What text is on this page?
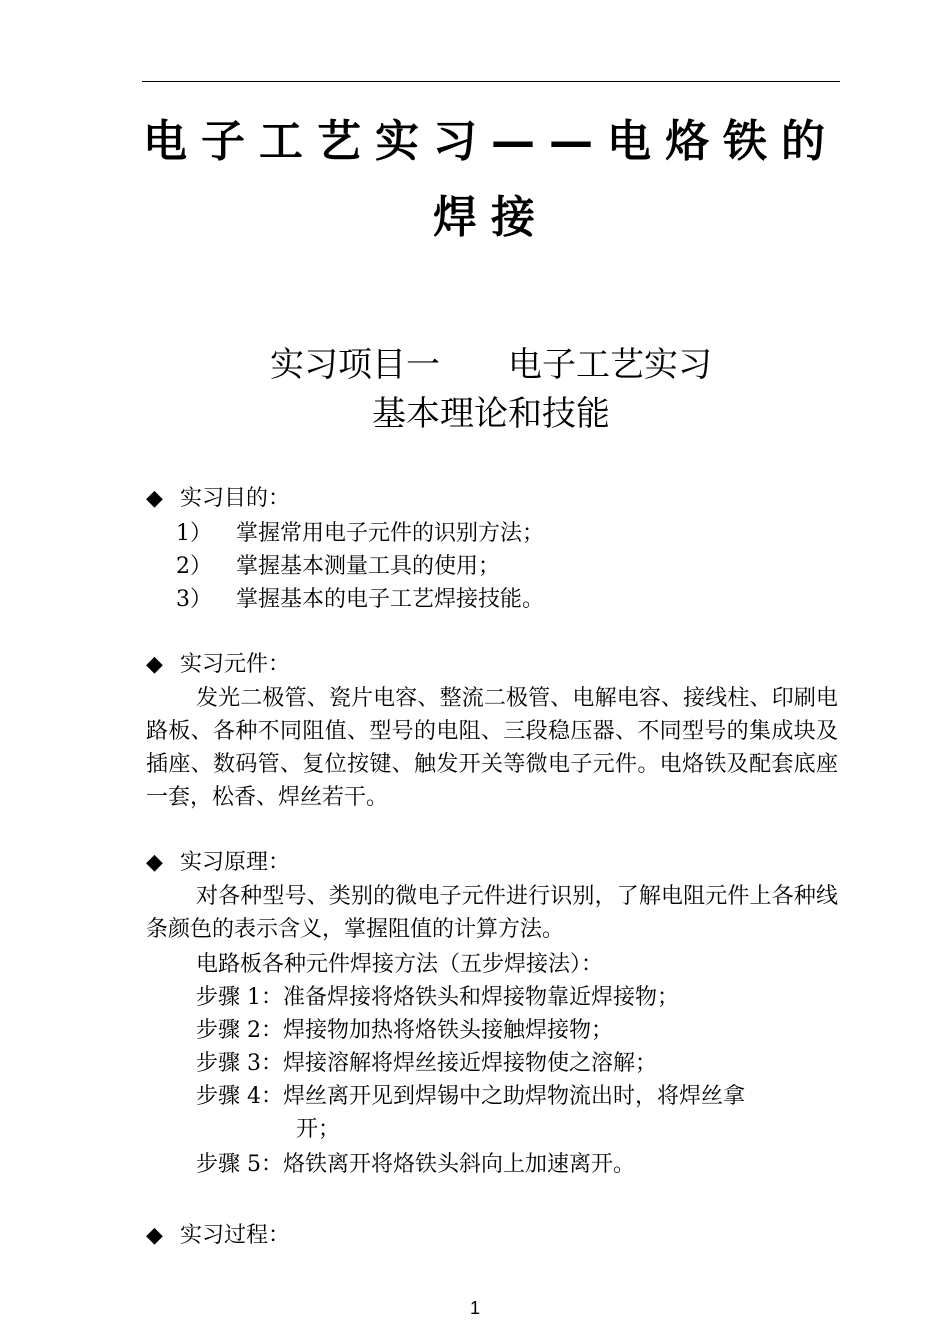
电子工艺实习——电烙铁的
焊接
实习项目一　　电子工艺实习
基本理论和技能
◆ 实习目的：
1） 掌握常用电子元件的识别方法；
2） 掌握基本测量工具的使用；
3） 掌握基本的电子工艺焊接技能。
◆ 实习元件：
发光二极管、瓷片电容、整流二极管、电解电容、接线柱、印刷电路板、各种不同阻值、型号的电阻、三段稳压器、不同型号的集成块及插座、数码管、复位按键、触发开关等微电子元件。电烙铁及配套底座一套，松香、焊丝若干。
◆ 实习原理：
对各种型号、类别的微电子元件进行识别，了解电阻元件上各种线条颜色的表示含义，掌握阻值的计算方法。
电路板各种元件焊接方法（五步焊接法）：
步骤 1：准备焊接将烙铁头和焊接物靠近焊接物；
步骤 2：焊接物加热将烙铁头接触焊接物；
步骤 3：焊接溶解将焊丝接近焊接物使之溶解；
步骤 4：焊丝离开见到焊锡中之助焊物流出时，将焊丝拿
开；
步骤 5：烙铁离开将烙铁头斜向上加速离开。
◆ 实习过程：
1
